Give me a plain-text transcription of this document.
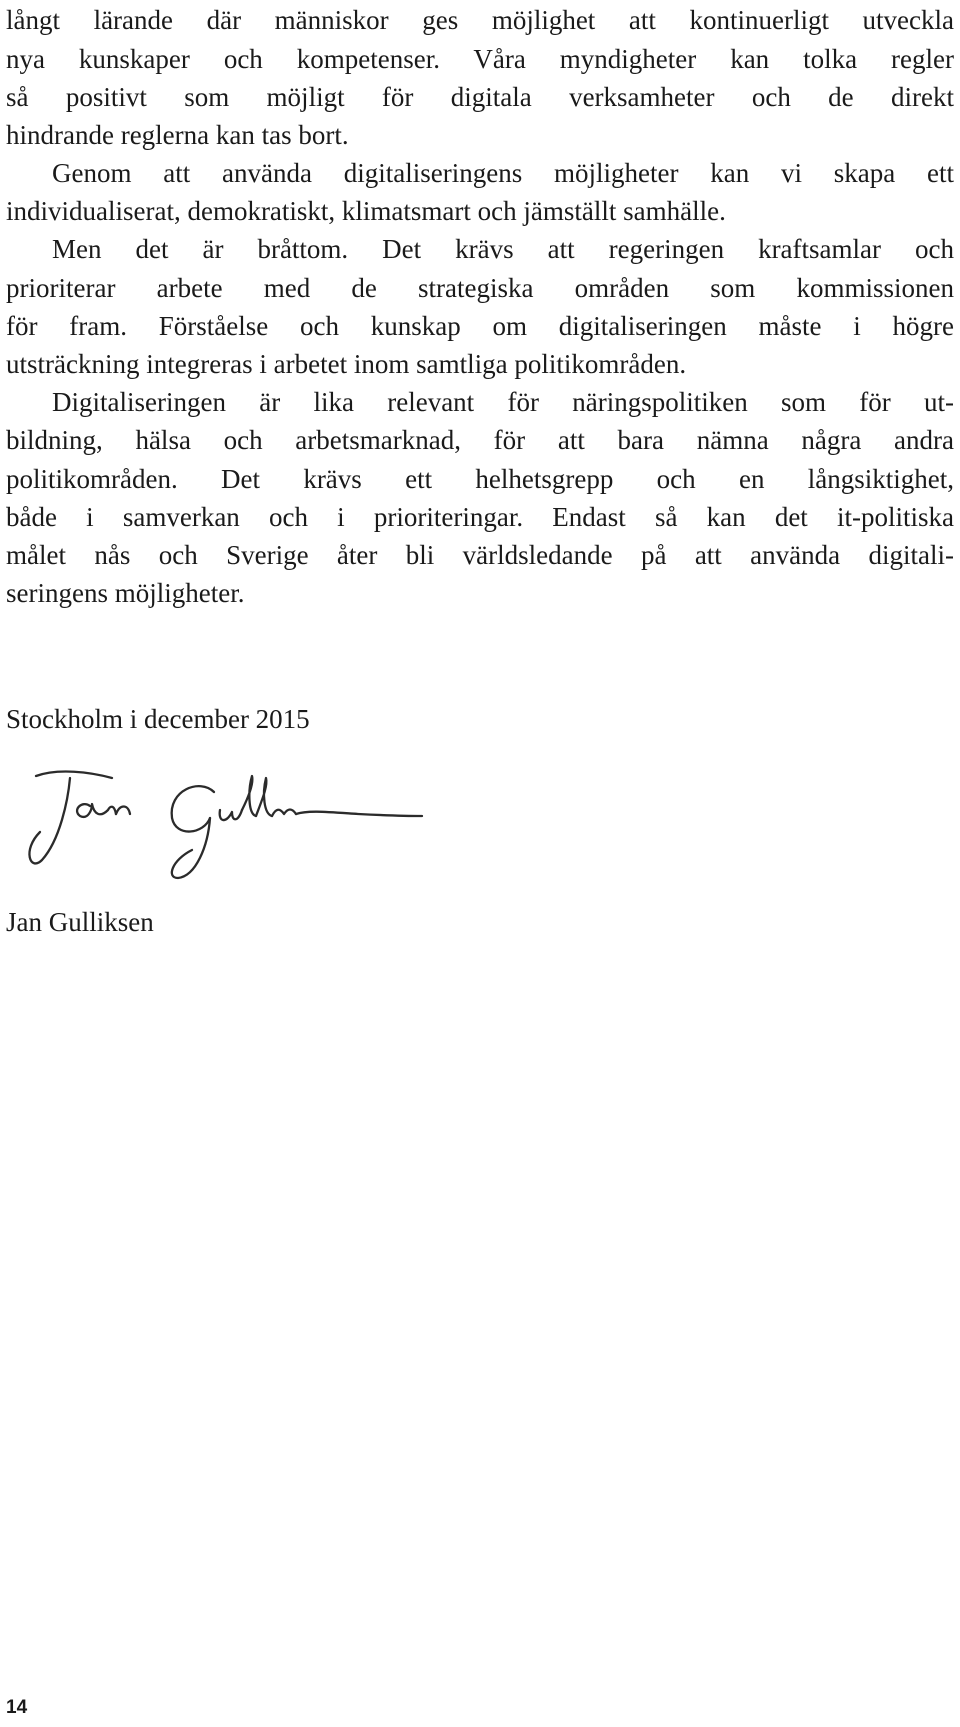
långt lärande där människor ges möjlighet att kontinuerligt utveckla
nya kunskaper och kompetenser. Våra myndigheter kan tolka regler
så positivt som möjligt för digitala verksamheter och de direkt
hindrande reglerna kan tas bort.
Genom att använda digitaliseringens möjligheter kan vi skapa ett
individualiserat, demokratiskt, klimatsmart och jämställt samhälle.
Men det är bråttom. Det krävs att regeringen kraftsamlar och
prioriterar arbete med de strategiska områden som kommissionen
för fram. Förståelse och kunskap om digitaliseringen måste i högre
utsträckning integreras i arbetet inom samtliga politikområden.
Digitaliseringen är lika relevant för näringspolitiken som för ut-
bildning, hälsa och arbetsmarknad, för att bara nämna några andra
politikområden. Det krävs ett helhetsgrepp och en långsiktighet,
både i samverkan och i prioriteringar. Endast så kan det it-politiska
målet nås och Sverige åter bli världsledande på att använda digitali-
seringens möjligheter.
Stockholm i december 2015
Jan Gulliksen
14
